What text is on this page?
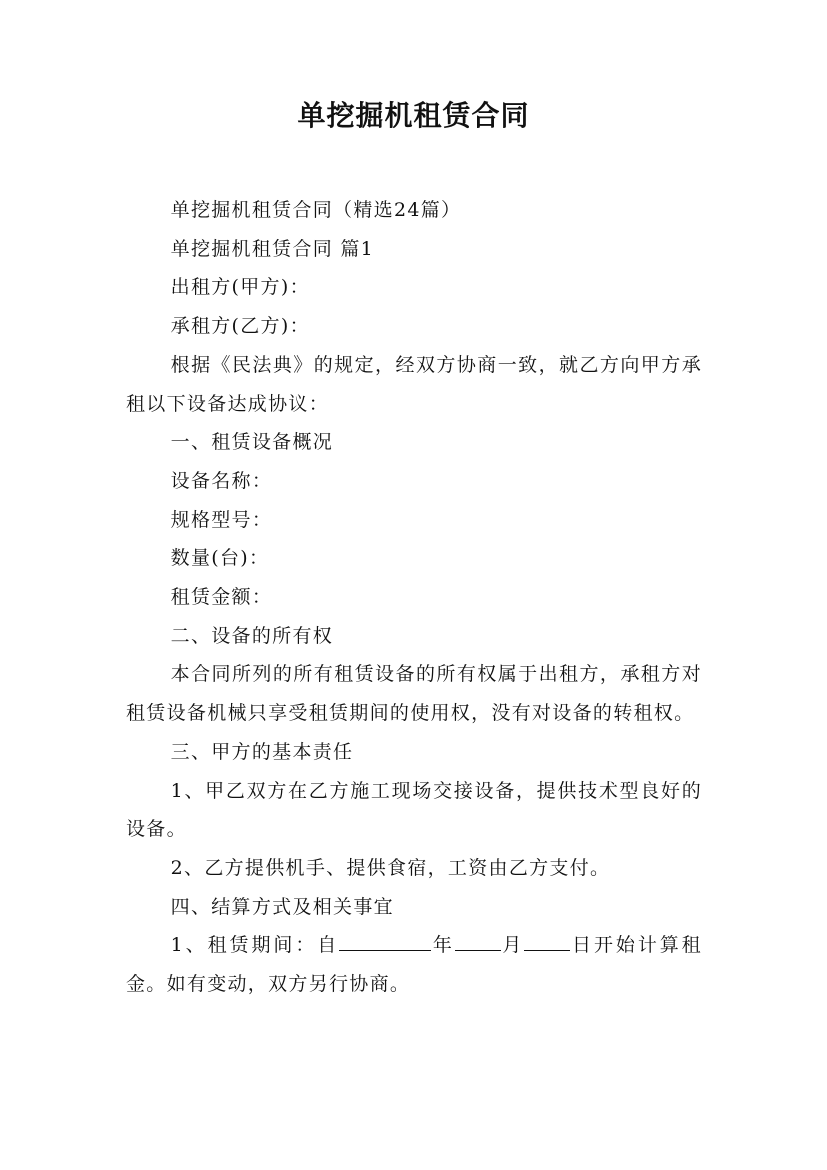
单挖掘机租赁合同

单挖掘机租赁合同（精选24篇）

单挖掘机租赁合同 篇1

出租方(甲方)：

承租方(乙方)：

根据《民法典》的规定，经双方协商一致，就乙方向甲方承租以下设备达成协议：

一、租赁设备概况

设备名称：

规格型号：

数量(台)：

租赁金额：

二、设备的所有权

本合同所列的所有租赁设备的所有权属于出租方，承租方对租赁设备机械只享受租赁期间的使用权，没有对设备的转租权。

三、甲方的基本责任

1、甲乙双方在乙方施工现场交接设备，提供技术型良好的设备。

2、乙方提供机手、提供食宿，工资由乙方支付。

四、结算方式及相关事宜

1、租赁期间：自	年 月 日开始计算租金。如有变动，双方另行协商。
